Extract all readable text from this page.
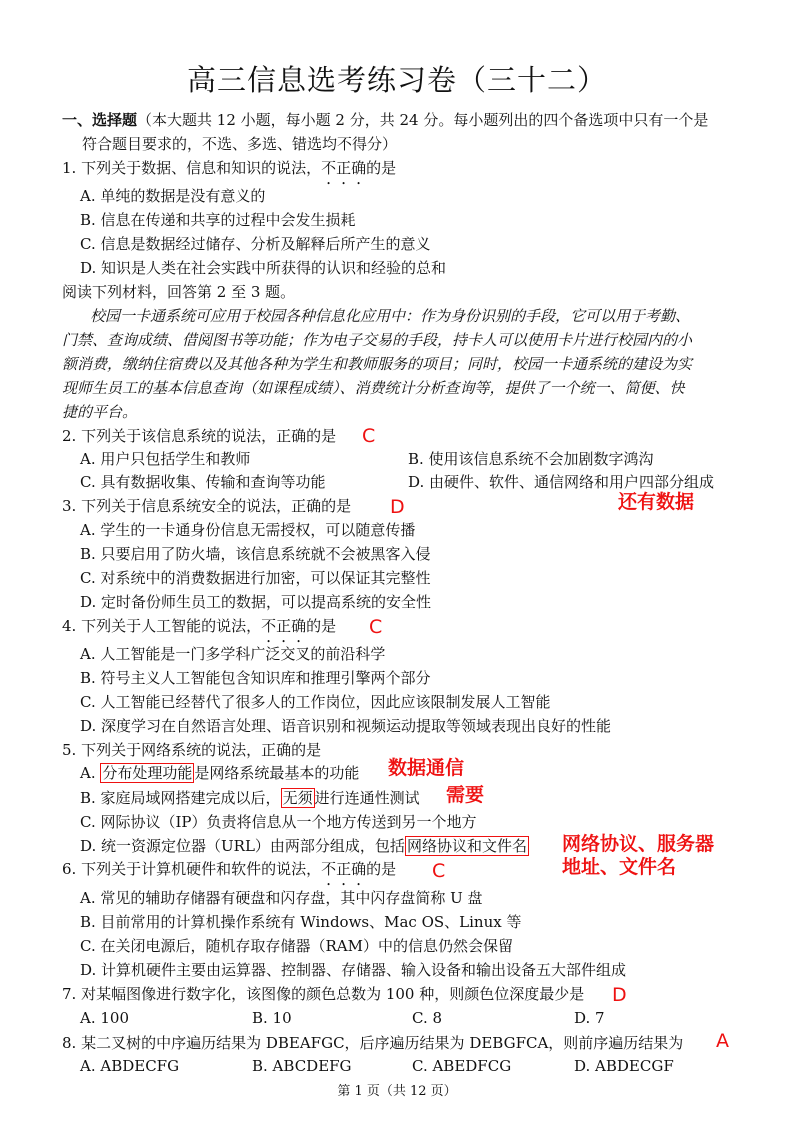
高三信息选考练习卷（三十二）
一、选择题（本大题共 12 小题，每小题 2 分，共 24 分。每小题列出的四个备选项中只有一个是
符合题目要求的，不选、多选、错选均不得分）
1. 下列关于数据、信息和知识的说法，不正确的是
A. 单纯的数据是没有意义的
B. 信息在传递和共享的过程中会发生损耗
C. 信息是数据经过储存、分析及解释后所产生的意义
D. 知识是人类在社会实践中所获得的认识和经验的总和
阅读下列材料，回答第 2 至 3 题。
校园一卡通系统可应用于校园各种信息化应用中：作为身份识别的手段，它可以用于考勤、
门禁、查询成绩、借阅图书等功能；作为电子交易的手段，持卡人可以使用卡片进行校园内的小
额消费，缴纳住宿费以及其他各种为学生和教师服务的项目；同时，校园一卡通系统的建设为实
现师生员工的基本信息查询（如课程成绩）、消费统计分析查询等，提供了一个统一、简便、快
捷的平台。
2. 下列关于该信息系统的说法，正确的是 C
A. 用户只包括学生和教师	B. 使用该信息系统不会加剧数字鸿沟
C. 具有数据收集、传输和查询等功能	D. 由硬件、软件、通信网络和用户四部分组成
3. 下列关于信息系统安全的说法，正确的是 D	还有数据
A. 学生的一卡通身份信息无需授权，可以随意传播
B. 只要启用了防火墙，该信息系统就不会被黑客入侵
C. 对系统中的消费数据进行加密，可以保证其完整性
D. 定时备份师生员工的数据，可以提高系统的安全性
4. 下列关于人工智能的说法，不正确的是 C
A. 人工智能是一门多学科广泛交叉的前沿科学
B. 符号主义人工智能包含知识库和推理引擎两个部分
C. 人工智能已经替代了很多人的工作岗位，因此应该限制发展人工智能
D. 深度学习在自然语言处理、语音识别和视频运动提取等领域表现出良好的性能
5. 下列关于网络系统的说法，正确的是
A. 分布处理功能 是网络系统最基本的功能 数据通信
B. 家庭局域网搭建完成以后， 无须 进行连通性测试 需要
C. 网际协议（IP）负责将信息从一个地方传送到另一个地方
D. 统一资源定位器（URL）由两部分组成，包括 网络协议和文件名 网络协议、服务器
地址、文件名
6. 下列关于计算机硬件和软件的说法，不正确的是 C
A. 常见的辅助存储器有硬盘和闪存盘，其中闪存盘简称 U 盘
B. 目前常用的计算机操作系统有 Windows、Mac OS、Linux 等
C. 在关闭电源后，随机存取存储器（RAM）中的信息仍然会保留
D. 计算机硬件主要由运算器、控制器、存储器、输入设备和输出设备五大部件组成
7. 对某幅图像进行数字化，该图像的颜色总数为 100 种，则颜色位深度最少是 D
A. 100	B. 10	C. 8	D. 7
8. 某二叉树的中序遍历结果为 DBEAFGC，后序遍历结果为 DEBGFCA，则前序遍历结果为 A
A. ABDECFG	B. ABCDEFG	C. ABEDFCG	D. ABDECGF
第 1 页（共 12 页）
